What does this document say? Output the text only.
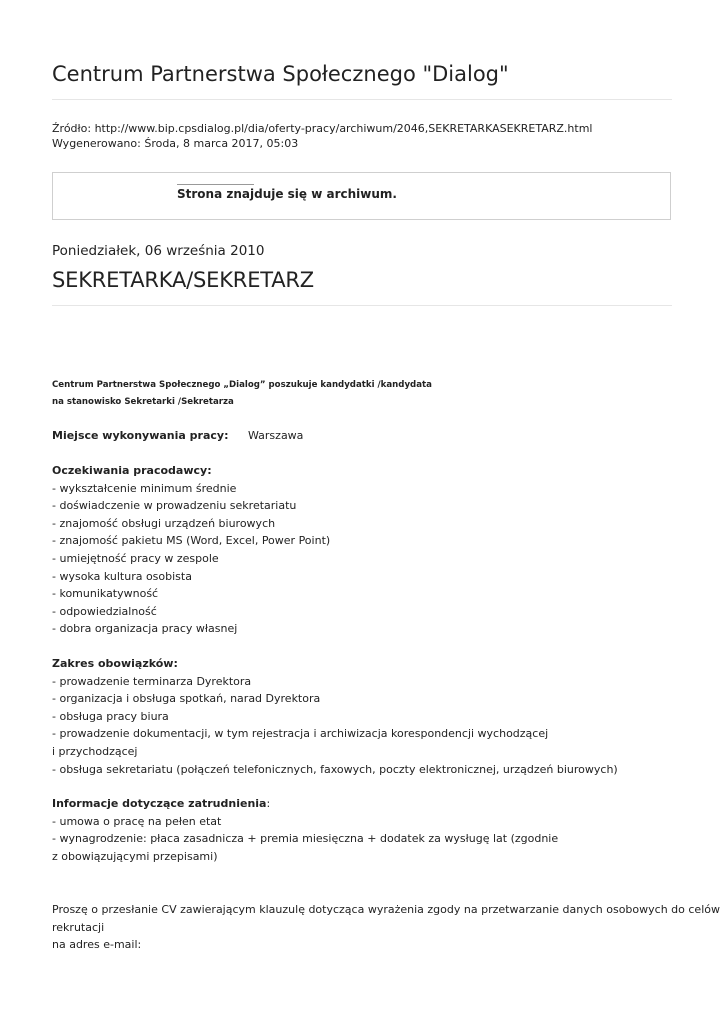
Centrum Partnerstwa Społecznego "Dialog"
Źródło: http://www.bip.cpsdialog.pl/dia/oferty-pracy/archiwum/2046,SEKRETARKASEKRETARZ.html
Wygenerowano: Środa, 8 marca 2017, 05:03
Strona znajduje się w archiwum.
Poniedziałek, 06 września 2010
SEKRETARKA/SEKRETARZ
Centrum Partnerstwa Społecznego „Dialog” poszukuje kandydatki /kandydata
na stanowisko Sekretarki /Sekretarza
Miejsce wykonywania pracy: Warszawa
Oczekiwania pracodawcy:
- wykształcenie minimum średnie
- doświadczenie w prowadzeniu sekretariatu
- znajomość obsługi urządzeń biurowych
- znajomość pakietu MS (Word, Excel, Power Point)
- umiejętność pracy w zespole
- wysoka kultura osobista
- komunikatywność
- odpowiedzialność
- dobra organizacja pracy własnej
Zakres obowiązków:
- prowadzenie terminarza Dyrektora
- organizacja i obsługa spotkań, narad Dyrektora
- obsługa pracy biura
- prowadzenie dokumentacji, w tym rejestracja i archiwizacja korespondencji wychodzącej
i przychodzącej
- obsługa sekretariatu (połączeń telefonicznych, faxowych, poczty elektronicznej, urządzeń biurowych)
Informacje dotyczące zatrudnienia:
- umowa o pracę na pełen etat
- wynagrodzenie: płaca zasadnicza + premia miesięczna + dodatek za wysługę lat (zgodnie
z obowiązującymi przepisami)
Proszę o przesłanie CV zawierającym klauzulę dotycząca wyrażenia zgody na przetwarzanie danych osobowych do celów
rekrutacji
na adres e-mail:
